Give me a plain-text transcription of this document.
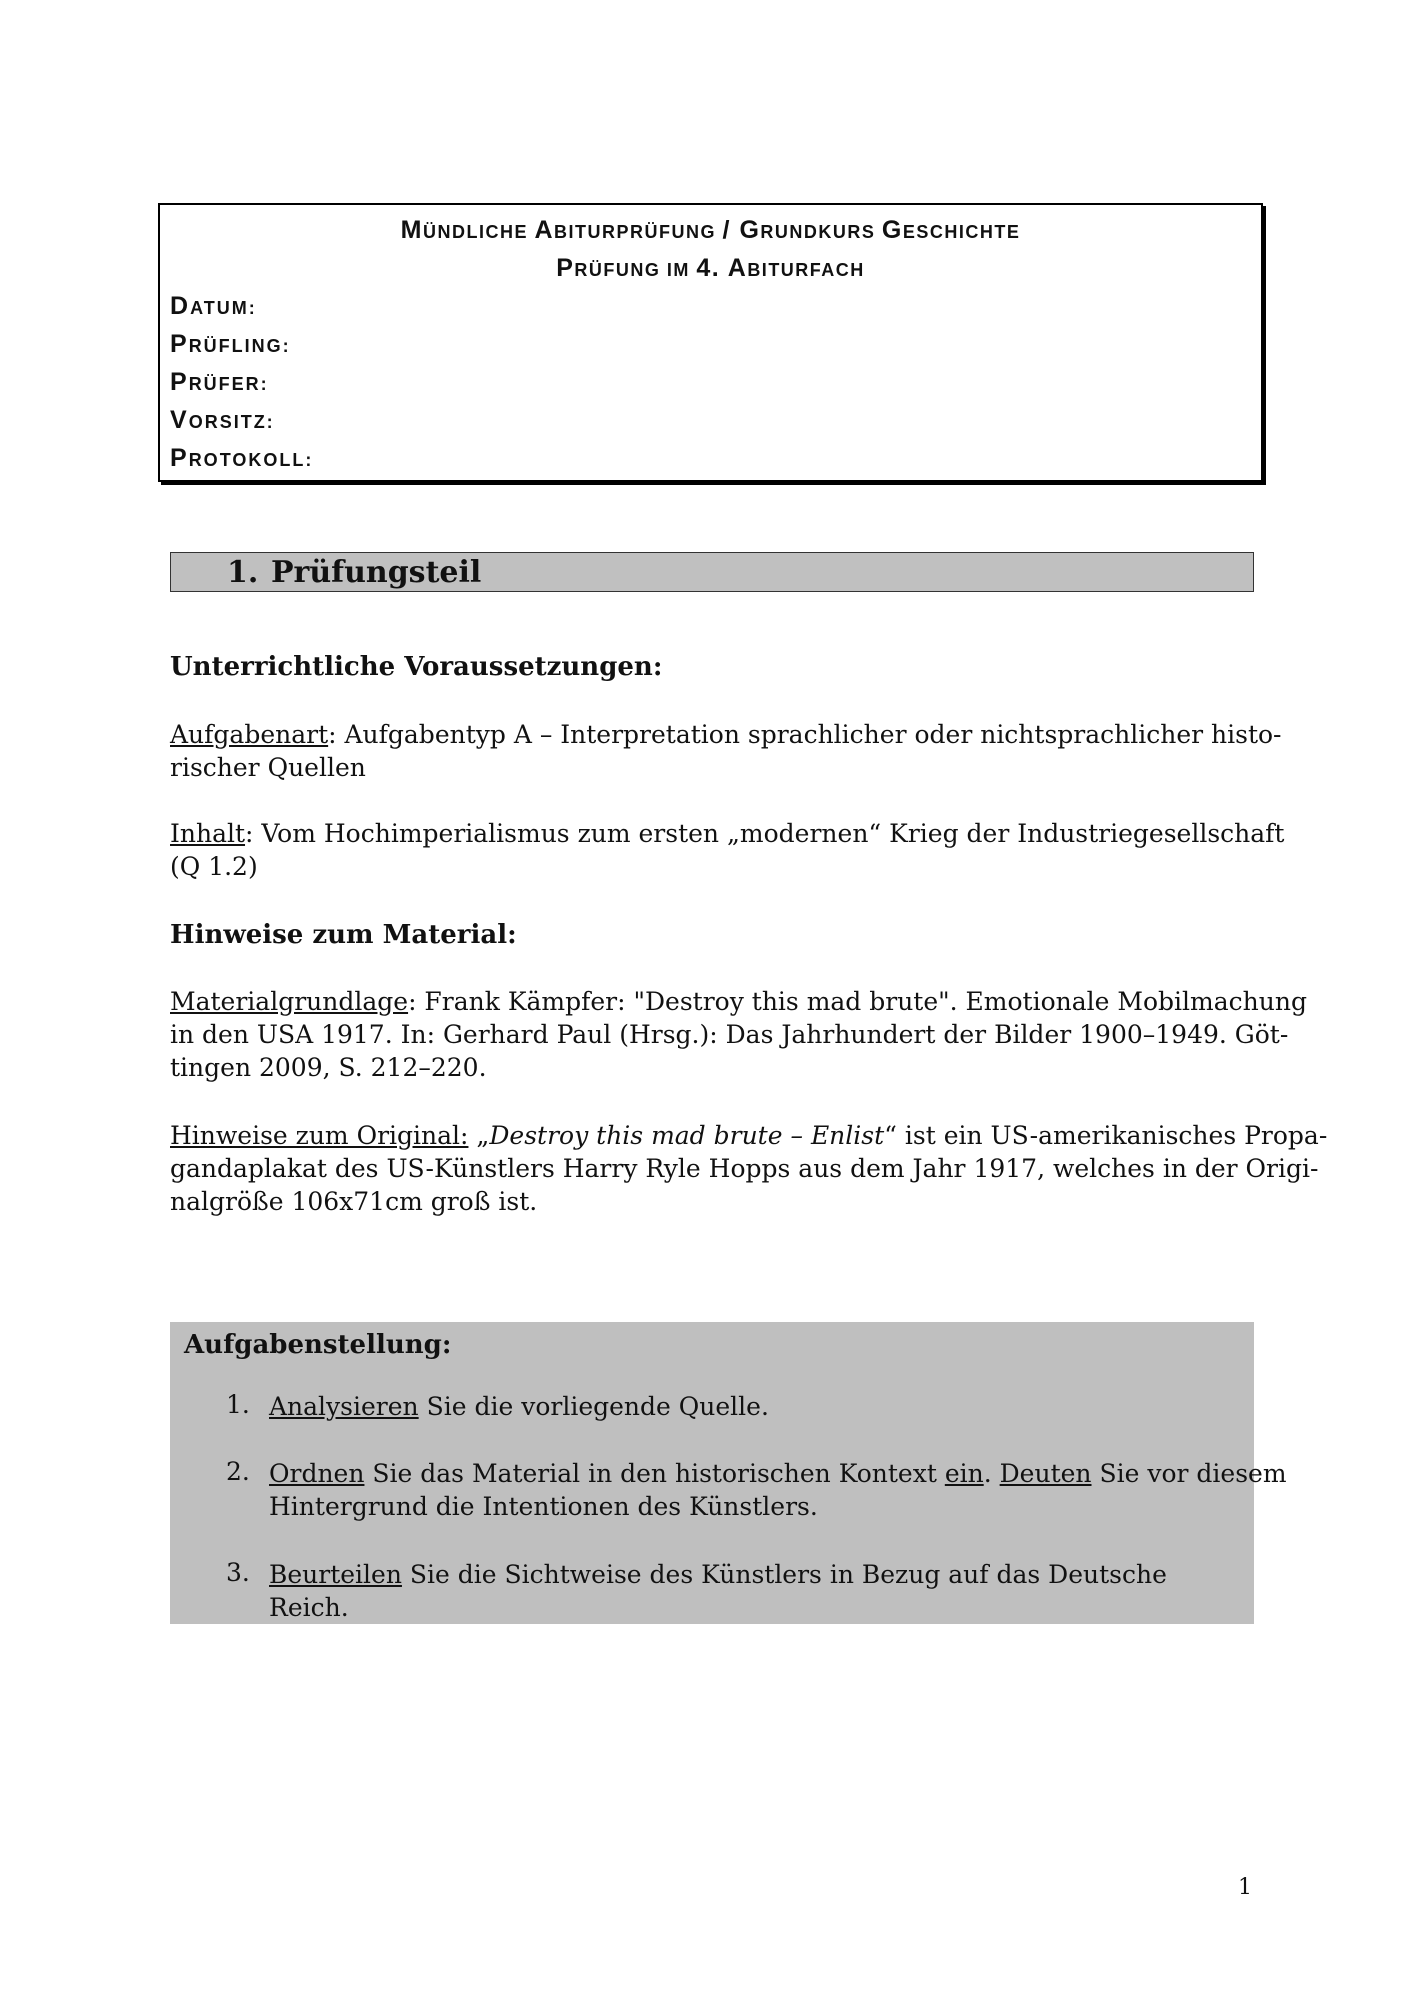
MÜNDLICHE ABITURPRÜFUNG / GRUNDKURS GESCHICHTE
PRÜFUNG IM 4. ABITURFACH
DATUM:
PRÜFLING:
PRÜFER:
VORSITZ:
PROTOKOLL:
1. Prüfungsteil
Unterrichtliche Voraussetzungen:
Aufgabenart: Aufgabentyp A – Interpretation sprachlicher oder nichtsprachlicher histo-
rischer Quellen
Inhalt: Vom Hochimperialismus zum ersten „modernen“ Krieg der Industriegesellschaft
(Q 1.2)
Hinweise zum Material:
Materialgrundlage: Frank Kämpfer: "Destroy this mad brute". Emotionale Mobilmachung
in den USA 1917. In: Gerhard Paul (Hrsg.): Das Jahrhundert der Bilder 1900–1949. Göt-
tingen 2009, S. 212–220.
Hinweise zum Original: „Destroy this mad brute – Enlist“ ist ein US-amerikanisches Propa-
gandaplakat des US-Künstlers Harry Ryle Hopps aus dem Jahr 1917, welches in der Origi-
nalgröße 106x71cm groß ist.
Aufgabenstellung:
1. Analysieren Sie die vorliegende Quelle.
2. Ordnen Sie das Material in den historischen Kontext ein. Deuten Sie vor diesem
Hintergrund die Intentionen des Künstlers.
3. Beurteilen Sie die Sichtweise des Künstlers in Bezug auf das Deutsche Reich.
1
